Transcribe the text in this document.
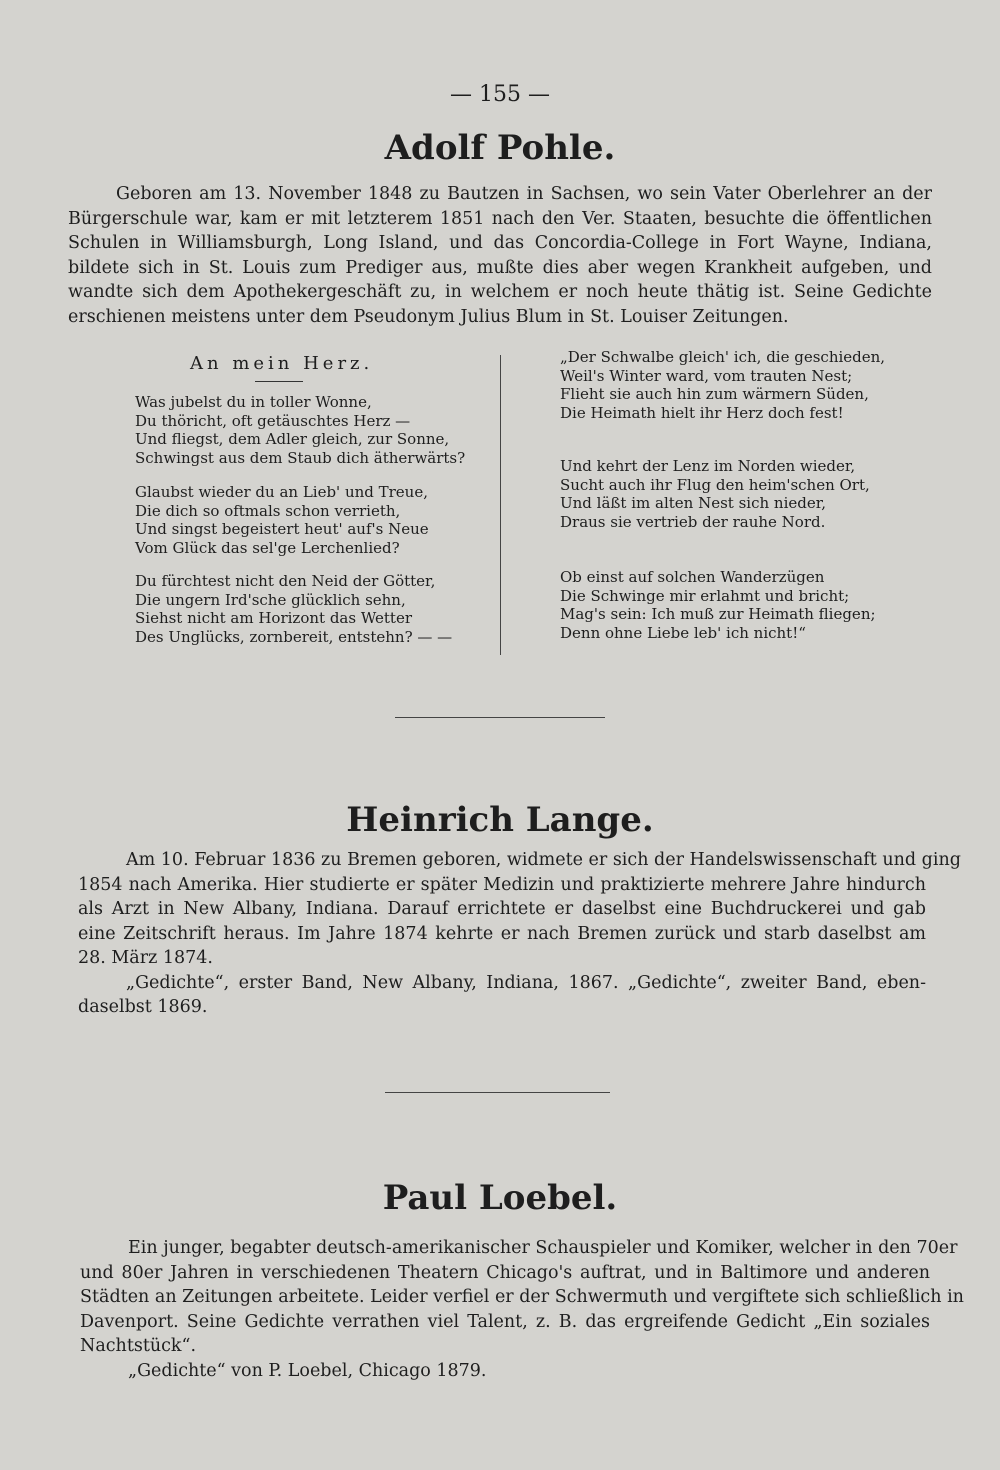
— 155 —
Adolf Pohle.
Geboren am 13. November 1848 zu Bautzen in Sachsen, wo sein Vater Oberlehrer an der
Bürgerschule war, kam er mit letzterem 1851 nach den Ver. Staaten, besuchte die öffentlichen
Schulen in Williamsburgh, Long Island, und das Concordia-College in Fort Wayne, Indiana,
bildete sich in St. Louis zum Prediger aus, mußte dies aber wegen Krankheit aufgeben, und
wandte sich dem Apothekergeschäft zu, in welchem er noch heute thätig ist. Seine Gedichte
erschienen meistens unter dem Pseudonym Julius Blum in St. Louiser Zeitungen.
An mein Herz.
Was jubelst du in toller Wonne,
Du thöricht, oft getäuschtes Herz —
Und fliegst, dem Adler gleich, zur Sonne,
Schwingst aus dem Staub dich ätherwärts?
Glaubst wieder du an Lieb' und Treue,
Die dich so oftmals schon verrieth,
Und singst begeistert heut' auf's Neue
Vom Glück das sel'ge Lerchenlied?
Du fürchtest nicht den Neid der Götter,
Die ungern Ird'sche glücklich sehn,
Siehst nicht am Horizont das Wetter
Des Unglücks, zornbereit, entstehn? — —
„Der Schwalbe gleich' ich, die geschieden,
Weil's Winter ward, vom trauten Nest;
Flieht sie auch hin zum wärmern Süden,
Die Heimath hielt ihr Herz doch fest!
Und kehrt der Lenz im Norden wieder,
Sucht auch ihr Flug den heim'schen Ort,
Und läßt im alten Nest sich nieder,
Draus sie vertrieb der rauhe Nord.
Ob einst auf solchen Wanderzügen
Die Schwinge mir erlahmt und bricht;
Mag's sein: Ich muß zur Heimath fliegen;
Denn ohne Liebe leb' ich nicht!“
Heinrich Lange.
Am 10. Februar 1836 zu Bremen geboren, widmete er sich der Handelswissenschaft und ging
1854 nach Amerika. Hier studierte er später Medizin und praktizierte mehrere Jahre hindurch
als Arzt in New Albany, Indiana. Darauf errichtete er daselbst eine Buchdruckerei und gab
eine Zeitschrift heraus. Im Jahre 1874 kehrte er nach Bremen zurück und starb daselbst am
28. März 1874.
„Gedichte“, erster Band, New Albany, Indiana, 1867. „Gedichte“, zweiter Band, eben-
daselbst 1869.
Paul Loebel.
Ein junger, begabter deutsch-amerikanischer Schauspieler und Komiker, welcher in den 70er
und 80er Jahren in verschiedenen Theatern Chicago's auftrat, und in Baltimore und anderen
Städten an Zeitungen arbeitete. Leider verfiel er der Schwermuth und vergiftete sich schließlich in
Davenport. Seine Gedichte verrathen viel Talent, z. B. das ergreifende Gedicht „Ein soziales
Nachtstück“.
„Gedichte“ von P. Loebel, Chicago 1879.
